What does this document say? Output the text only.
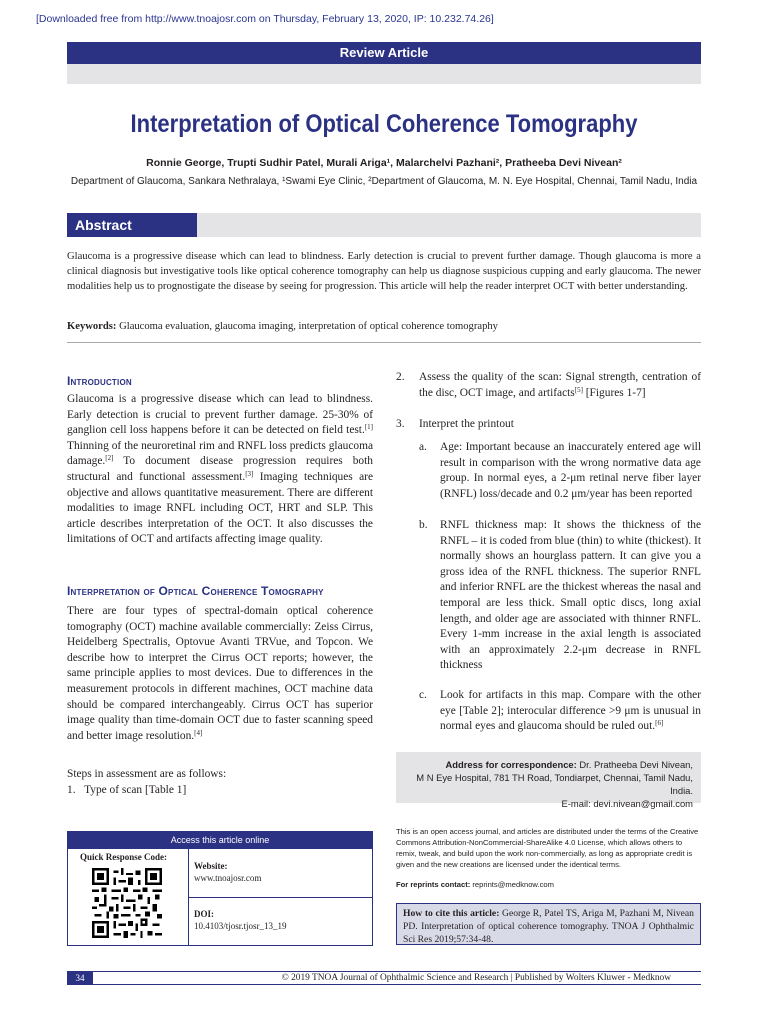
[Downloaded free from http://www.tnoajosr.com on Thursday, February 13, 2020, IP: 10.232.74.26]
Review Article
Interpretation of Optical Coherence Tomography
Ronnie George, Trupti Sudhir Patel, Murali Ariga¹, Malarchelvi Pazhani², Pratheeba Devi Nivean²
Department of Glaucoma, Sankara Nethralaya, ¹Swami Eye Clinic, ²Department of Glaucoma, M. N. Eye Hospital, Chennai, Tamil Nadu, India
Abstract
Glaucoma is a progressive disease which can lead to blindness. Early detection is crucial to prevent further damage. Though glaucoma is more a clinical diagnosis but investigative tools like optical coherence tomography can help us diagnose suspicious cupping and early glaucoma. The newer modalities help us to prognostigate the disease by seeing for progression. This article will help the reader interpret OCT with better understanding.
Keywords: Glaucoma evaluation, glaucoma imaging, interpretation of optical coherence tomography
Introduction
Glaucoma is a progressive disease which can lead to blindness. Early detection is crucial to prevent further damage. 25-30% of ganglion cell loss happens before it can be detected on field test.[1] Thinning of the neuroretinal rim and RNFL loss predicts glaucoma damage.[2] To document disease progression requires both structural and functional assessment.[3] Imaging techniques are objective and allows quantitative measurement. There are different modalities to image RNFL including OCT, HRT and SLP. This article describes interpretation of the OCT. It also discusses the limitations of OCT and artifacts affecting image quality.
Interpretation of Optical Coherence Tomography
There are four types of spectral-domain optical coherence tomography (OCT) machine available commercially: Zeiss Cirrus, Heidelberg Spectralis, Optovue Avanti TRVue, and Topcon. We describe how to interpret the Cirrus OCT reports; however, the same principle applies to most devices. Due to differences in the measurement protocols in different machines, OCT machine data should be compared interchangeably. Cirrus OCT has superior image quality than time-domain OCT due to faster scanning speed and better image resolution.[4]
Steps in assessment are as follows:
1. Type of scan [Table 1]
2. Assess the quality of the scan: Signal strength, centration of the disc, OCT image, and artifacts[5] [Figures 1-7]
3. Interpret the printout
a. Age: Important because an inaccurately entered age will result in comparison with the wrong normative data age group. In normal eyes, a 2-μm retinal nerve fiber layer (RNFL) loss/decade and 0.2 μm/year has been reported
b. RNFL thickness map: It shows the thickness of the RNFL – it is coded from blue (thin) to white (thickest). It normally shows an hourglass pattern. It can give you a gross idea of the RNFL thickness. The superior RNFL and inferior RNFL are the thickest whereas the nasal and temporal are less thick. Small optic discs, long axial length, and older age are associated with thinner RNFL. Every 1-mm increase in the axial length is associated with an approximately 2.2-μm decrease in RNFL thickness
c. Look for artifacts in this map. Compare with the other eye [Table 2]; interocular difference >9 μm is unusual in normal eyes and glaucoma should be ruled out.[6]
Access this article online
Quick Response Code:
Website:
www.tnoajosr.com
DOI:
10.4103/tjosr.tjosr_13_19
Address for correspondence: Dr. Pratheeba Devi Nivean,
M N Eye Hospital, 781 TH Road, Tondiarpet, Chennai, Tamil Nadu, India.
E-mail: devi.nivean@gmail.com
This is an open access journal, and articles are distributed under the terms of the Creative Commons Attribution-NonCommercial-ShareAlike 4.0 License, which allows others to remix, tweak, and build upon the work non-commercially, as long as appropriate credit is given and the new creations are licensed under the identical terms.
For reprints contact: reprints@medknow.com
How to cite this article: George R, Patel TS, Ariga M, Pazhani M, Nivean PD. Interpretation of optical coherence tomography. TNOA J Ophthalmic Sci Res 2019;57:34-48.
34	© 2019 TNOA Journal of Ophthalmic Science and Research | Published by Wolters Kluwer - Medknow
